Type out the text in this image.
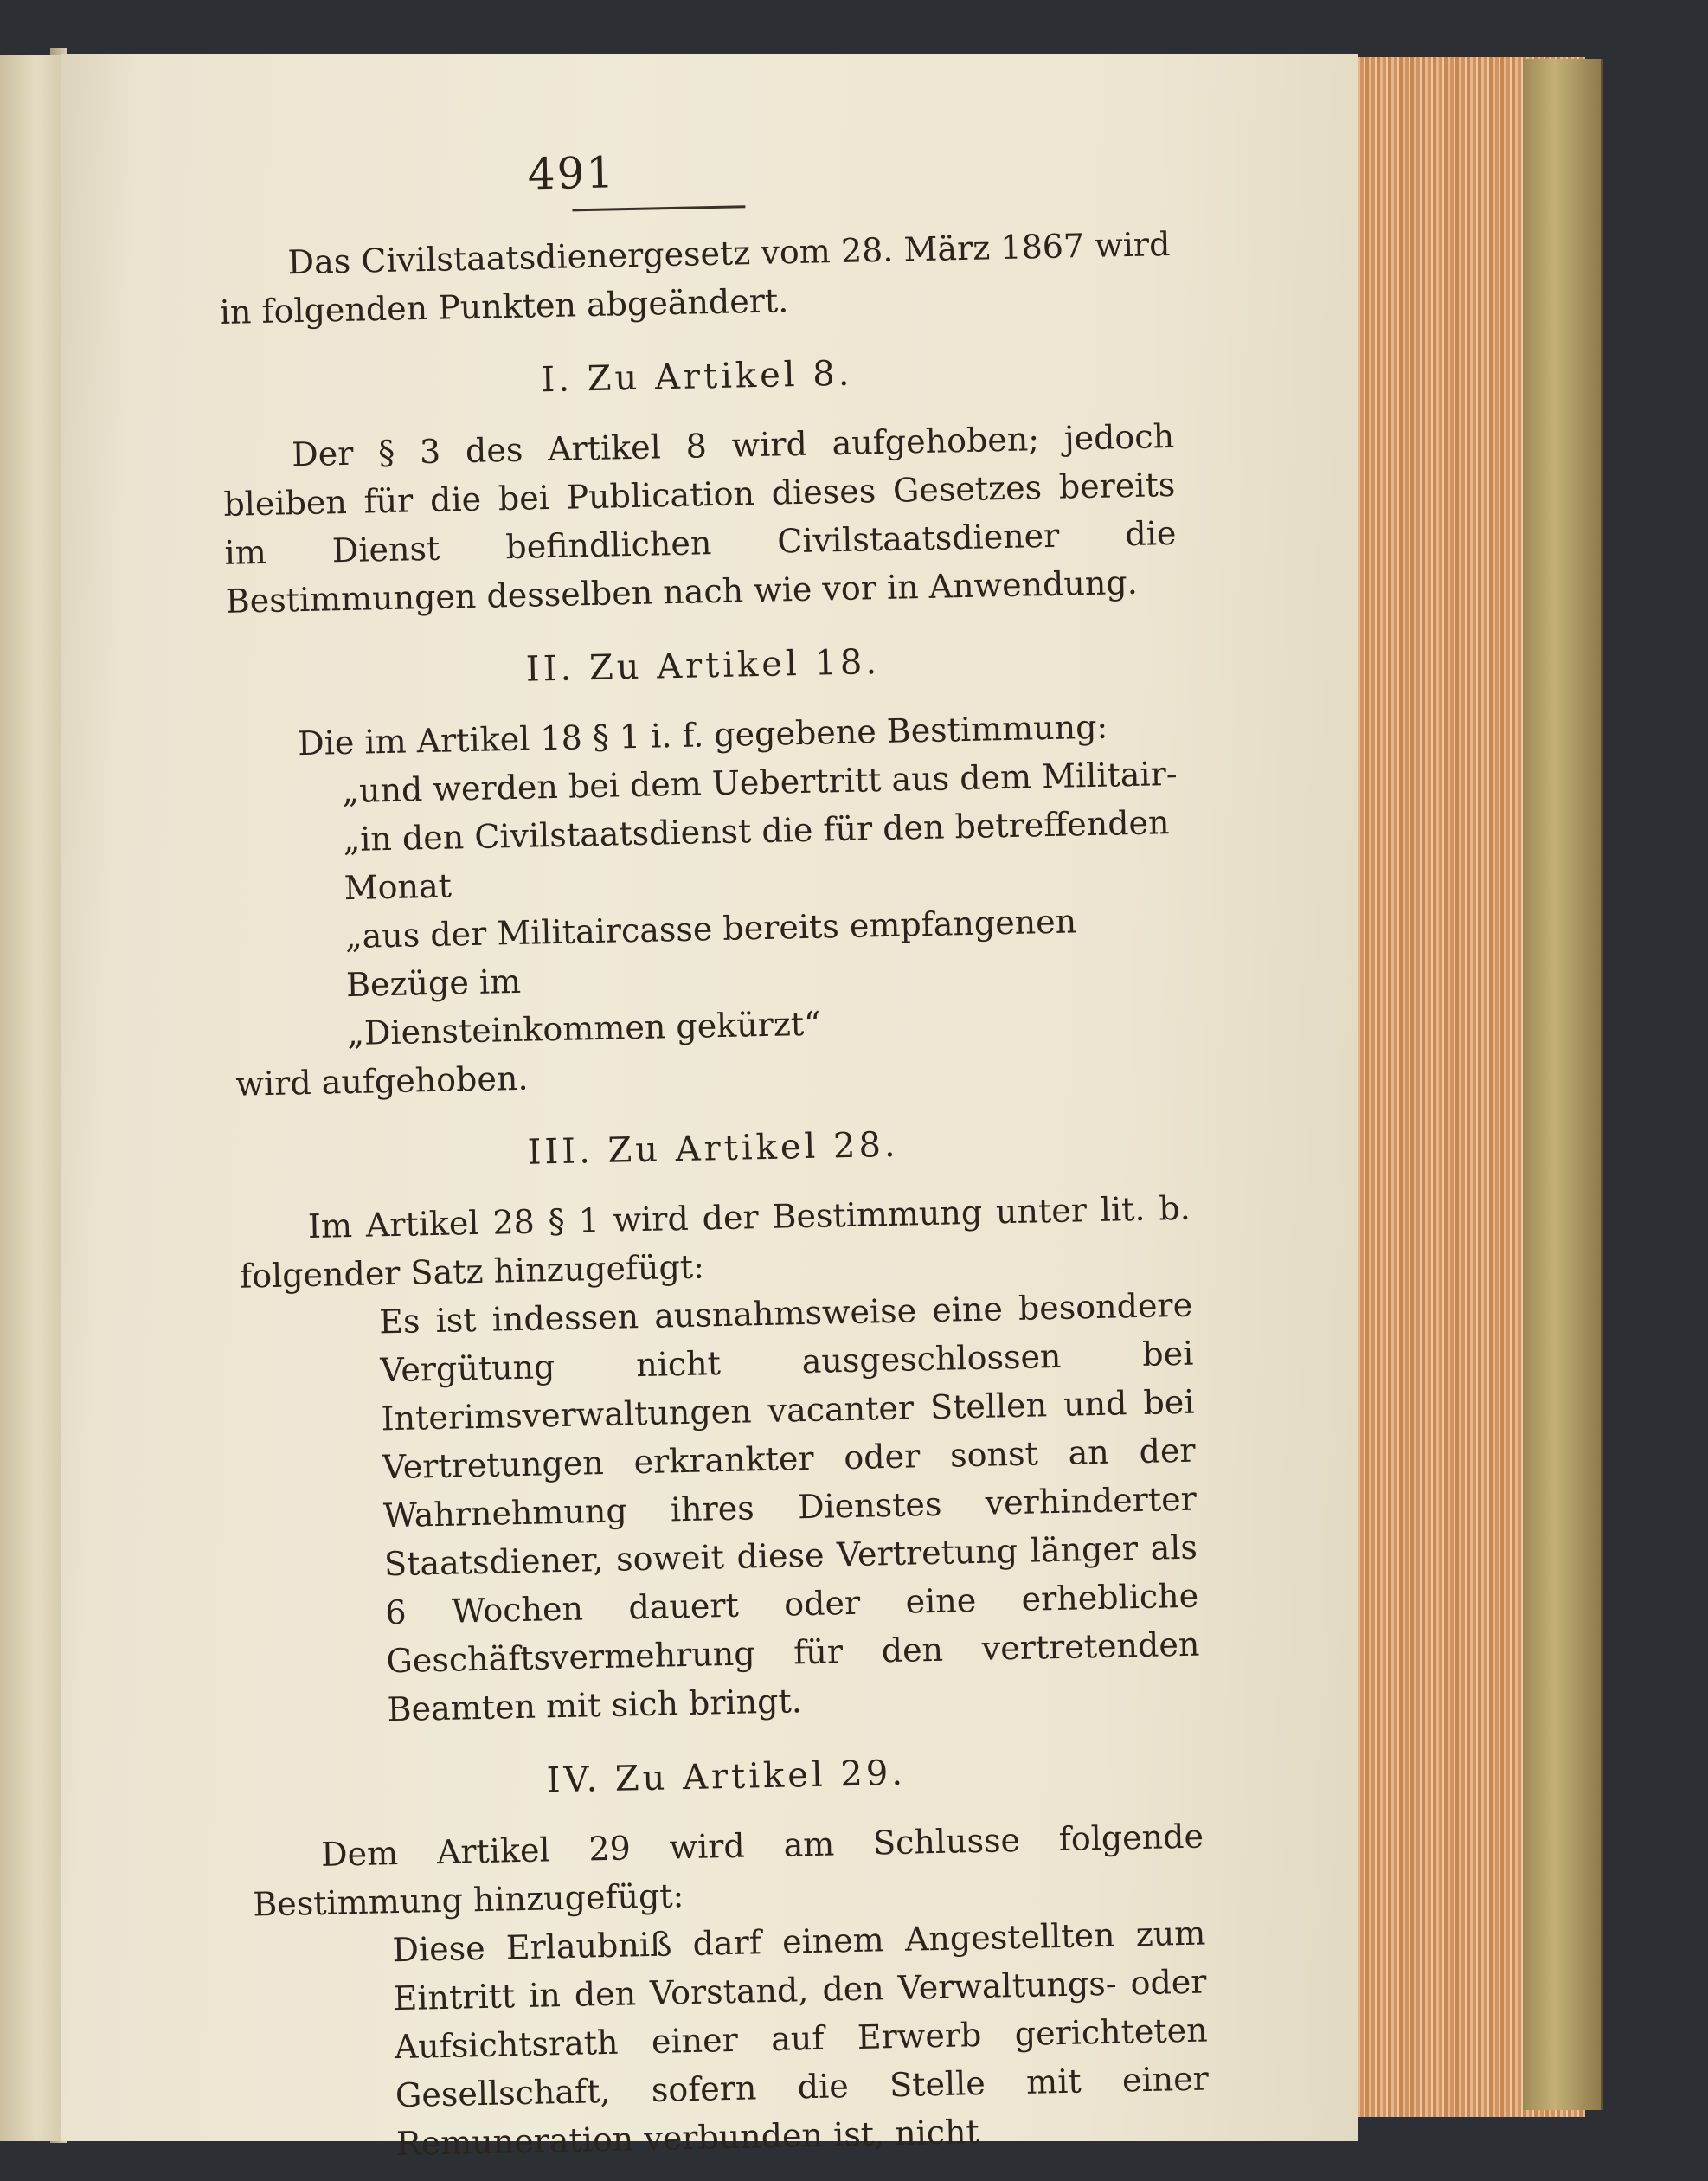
491

Das Civilstaatsdienergesetz vom 28. März 1867 wird in folgenden Punkten abgeändert.

I. Zu Artikel 8.

Der § 3 des Artikel 8 wird aufgehoben; jedoch bleiben für die bei Publication dieses Gesetzes bereits im Dienst befindlichen Civilstaatsdiener die Bestimmungen desselben nach wie vor in Anwendung.

II. Zu Artikel 18.

Die im Artikel 18 § 1 i. f. gegebene Bestimmung:

„und werden bei dem Uebertritt aus dem Militair-
„in den Civilstaatsdienst die für den betreffenden Monat
„aus der Militaircasse bereits empfangenen Bezüge im
„Diensteinkommen gekürzt“

wird aufgehoben.

III. Zu Artikel 28.

Im Artikel 28 § 1 wird der Bestimmung unter lit. b. folgender Satz hinzugefügt:

Es ist indessen ausnahmsweise eine besondere Vergütung nicht ausgeschlossen bei Interimsverwaltungen vacanter Stellen und bei Vertretungen erkrankter oder sonst an der Wahrnehmung ihres Dienstes verhinderter Staatsdiener, soweit diese Vertretung länger als 6 Wochen dauert oder eine erhebliche Geschäftsvermehrung für den vertretenden Beamten mit sich bringt.

IV. Zu Artikel 29.

Dem Artikel 29 wird am Schlusse folgende Bestimmung hinzugefügt:

Diese Erlaubniß darf einem Angestellten zum Eintritt in den Vorstand, den Verwaltungs- oder Aufsichtsrath einer auf Erwerb gerichteten Gesellschaft, sofern die Stelle mit einer Remuneration verbunden ist, nicht
